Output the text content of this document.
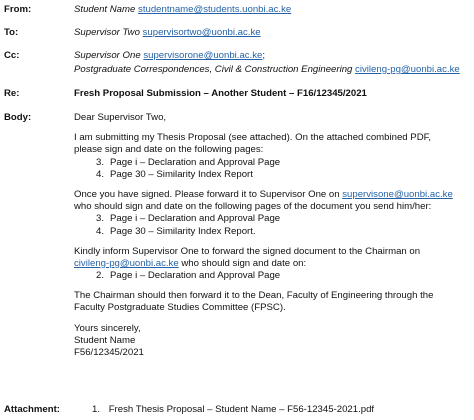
From:	Student Name studentname@students.uonbi.ac.ke
To:	Supervisor Two supervisortwo@uonbi.ac.ke
Cc:	Supervisor One supervisorone@uonbi.ac.ke;
Postgraduate Correspondences, Civil & Construction Engineering civileng-pg@uonbi.ac.ke
Re:	Fresh Proposal Submission – Another Student – F16/12345/2021
Body:	Dear Supervisor Two,
I am submitting my Thesis Proposal (see attached). On the attached combined PDF,
please sign and date on the following pages:
3. Page i – Declaration and Approval Page
4. Page 30 – Similarity Index Report
Once you have signed. Please forward it to Supervisor One on supervisone@uonbi.ac.ke
who should sign and date on the following pages of the document you send him/her:
3. Page i – Declaration and Approval Page
4. Page 30 – Similarity Index Report.
Kindly inform Supervisor One to forward the signed document to the Chairman on
civileng-pg@uonbi.ac.ke who should sign and date on:
2. Page i – Declaration and Approval Page
The Chairman should then forward it to the Dean, Faculty of Engineering through the
Faculty Postgraduate Studies Committee (FPSC).
Yours sincerely,
Student Name
F56/12345/2021
Attachment:	1. Fresh Thesis Proposal – Student Name – F56-12345-2021.pdf
